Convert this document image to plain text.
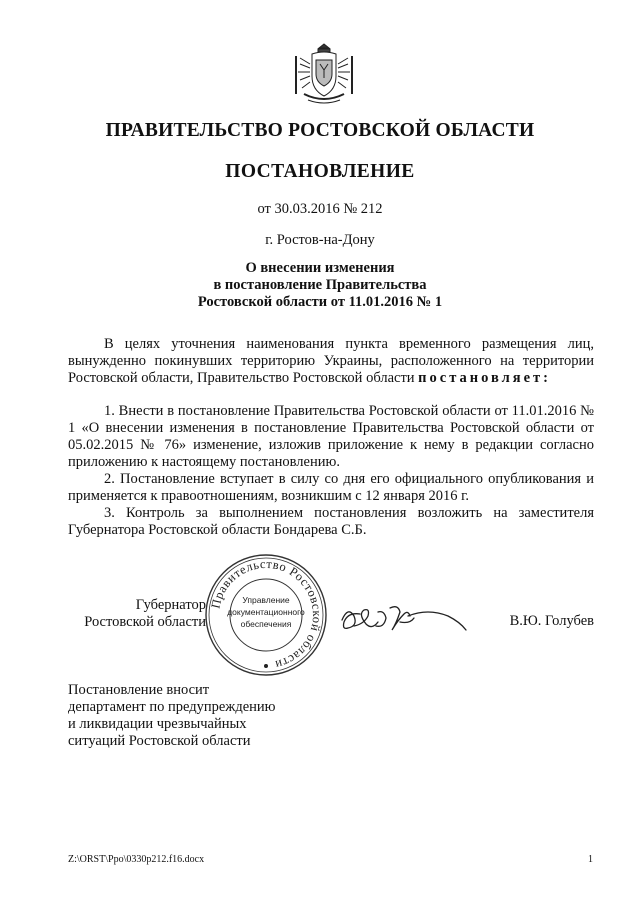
ПРАВИТЕЛЬСТВО РОСТОВСКОЙ ОБЛАСТИ
ПОСТАНОВЛЕНИЕ
от 30.03.2016 № 212
г. Ростов-на-Дону
О внесении изменения
в постановление Правительства
Ростовской области от 11.01.2016 № 1

В целях уточнения наименования пункта временного размещения лиц, вынужденно покинувших территорию Украины, расположенного на территории Ростовской области, Правительство Ростовской области постановляет:

1. Внести в постановление Правительства Ростовской области от 11.01.2016 № 1 «О внесении изменения в постановление Правительства Ростовской области от 05.02.2015 № 76» изменение, изложив приложение к нему в редакции согласно приложению к настоящему постановлению.

2. Постановление вступает в силу со дня его официального опубликования и применяется к правоотношениям, возникшим с 12 января 2016 г.

3. Контроль за выполнением постановления возложить на заместителя Губернатора Ростовской области Бондарева С.Б.

Губернатор
Ростовской области
Правительство Ростовской области
Управление
документационного
обеспечения	В.Ю. Голубев
Постановление вносит
департамент по предупреждению
и ликвидации чрезвычайных
ситуаций Ростовской области
Z:\ORST\Ppo\0330p212.f16.docx	1
